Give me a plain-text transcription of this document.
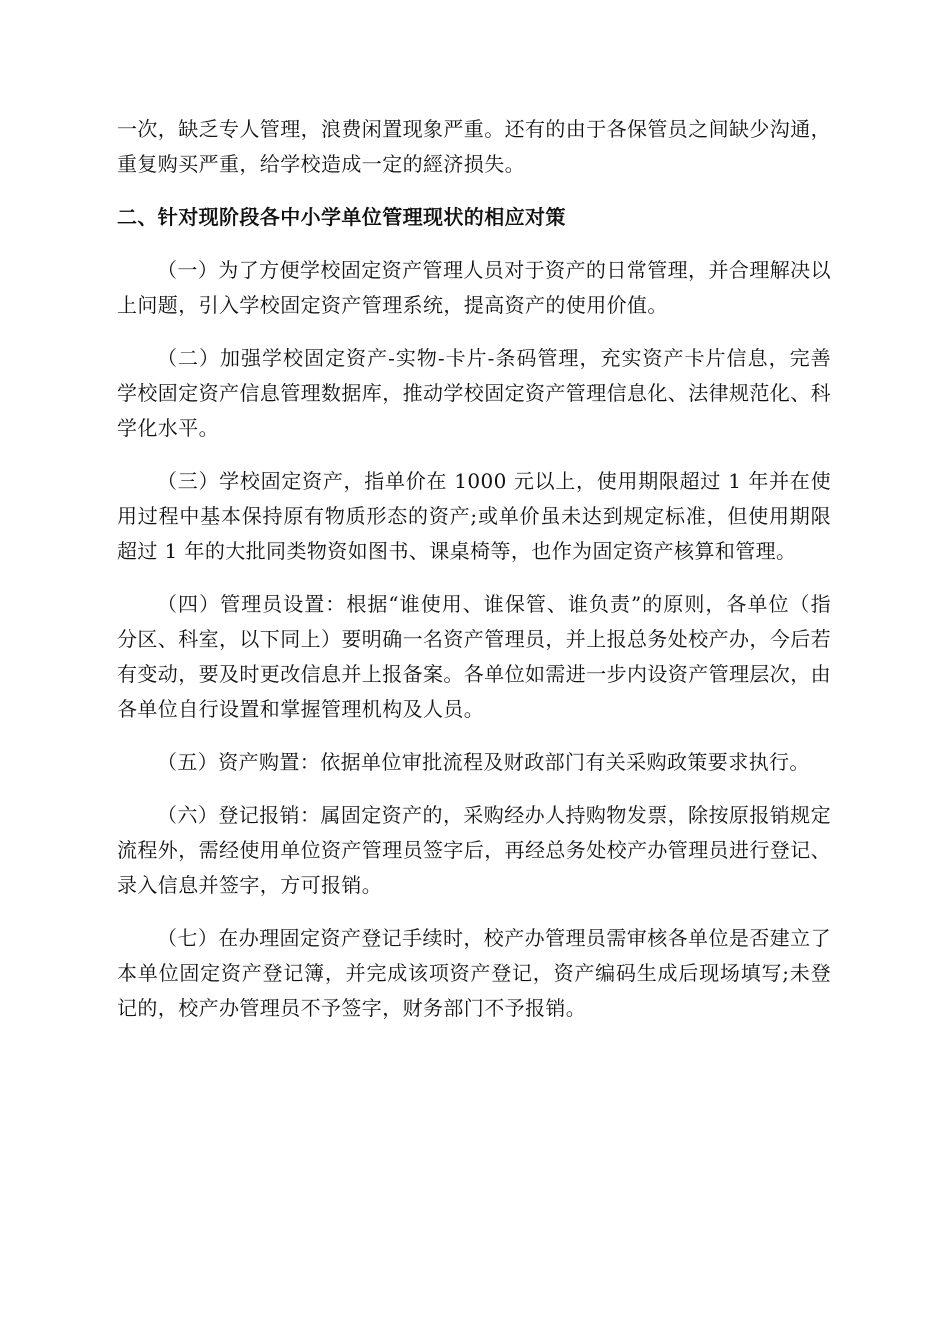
一次，缺乏专人管理，浪费闲置现象严重。还有的由于各保管员之间缺少沟通，重复购买严重，给学校造成一定的經济损失。

二、针对现阶段各中小学单位管理现状的相应对策

（一）为了方便学校固定资产管理人员对于资产的日常管理，并合理解决以上问题，引入学校固定资产管理系统，提高资产的使用价值。

（二）加强学校固定资产-实物-卡片-条码管理，充实资产卡片信息，完善学校固定资产信息管理数据库，推动学校固定资产管理信息化、法律规范化、科学化水平。

（三）学校固定资产，指单价在 1000 元以上，使用期限超过 1 年并在使用过程中基本保持原有物质形态的资产;或单价虽未达到规定标准，但使用期限超过 1 年的大批同类物资如图书、课桌椅等，也作为固定资产核算和管理。

（四）管理员设置：根据“谁使用、谁保管、谁负责”的原则，各单位（指分区、科室，以下同上）要明确一名资产管理员，并上报总务处校产办，今后若有变动，要及时更改信息并上报备案。各单位如需进一步内设资产管理层次，由各单位自行设置和掌握管理机构及人员。

（五）资产购置：依据单位审批流程及财政部门有关采购政策要求执行。

（六）登记报销：属固定资产的，采购经办人持购物发票，除按原报销规定流程外，需经使用单位资产管理员签字后，再经总务处校产办管理员进行登记、录入信息并签字，方可报销。

（七）在办理固定资产登记手续时，校产办管理员需审核各单位是否建立了本单位固定资产登记簿，并完成该项资产登记，资产编码生成后现场填写;未登记的，校产办管理员不予签字，财务部门不予报销。
